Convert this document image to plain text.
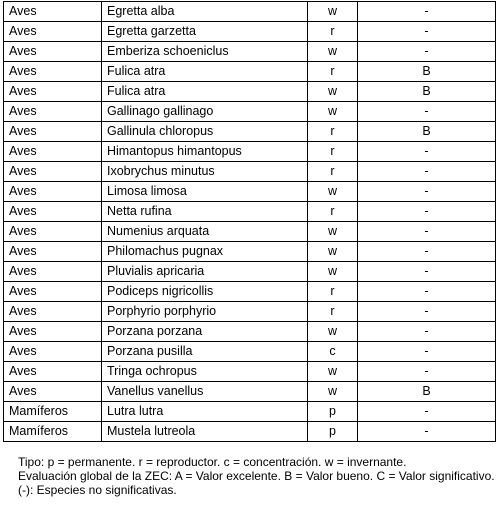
Aves	Egretta alba	w	-
Aves	Egretta garzetta	r	-
Aves	Emberiza schoeniclus	w	-
Aves	Fulica atra	r	B
Aves	Fulica atra	w	B
Aves	Gallinago gallinago	w	-
Aves	Gallinula chloropus	r	B
Aves	Himantopus himantopus	r	-
Aves	Ixobrychus minutus	r	-
Aves	Limosa limosa	w	-
Aves	Netta rufina	r	-
Aves	Numenius arquata	w	-
Aves	Philomachus pugnax	w	-
Aves	Pluvialis apricaria	w	-
Aves	Podiceps nigricollis	r	-
Aves	Porphyrio porphyrio	r	-
Aves	Porzana porzana	w	-
Aves	Porzana pusilla	c	-
Aves	Tringa ochropus	w	-
Aves	Vanellus vanellus	w	B
Mamíferos	Lutra lutra	p	-
Mamíferos	Mustela lutreola	p	-

Tipo: p = permanente. r = reproductor. c = concentración. w = invernante.

Evaluación global de la ZEC: A = Valor excelente. B = Valor bueno. C = Valor significativo.

(-): Especies no significativas.
